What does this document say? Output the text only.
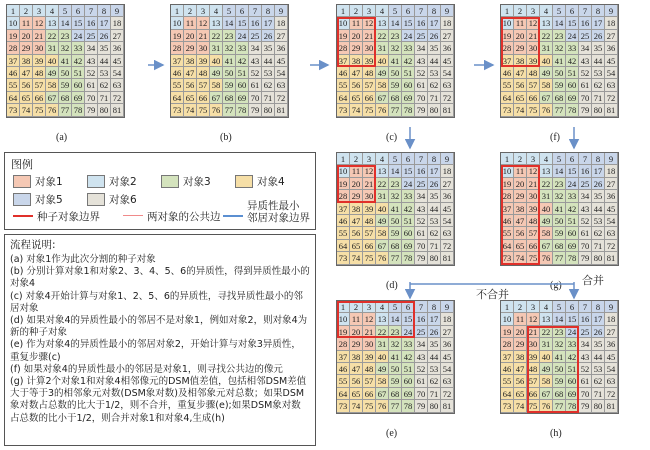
1	2	3	4	5	6	7	8	9
10 11 12 13 14 15 16 17 18
19 20 21 22 23 24 25 26 27
28 29 30 31 32 33 34 35 36
37 38 39 40 41 42 43 44 45
46 47 48 49 50 51 52 53 54
55 56 57 58 59 60 61 62 63
64 65 66 67 68 69 70 71 72
73 74 75 76 77 78 79 80 81
(a)
1	2	3	4	5	6	7	8	9
10 11 12 13 14 15 16 17 18
19 20 21 22 23 24 25 26 27
28 29 30 31 32 33 34 35 36
37 38 39 40 41 42 43 44 45
46 47 48 49 50 51 52 53 54
55 56 57 58 59 60 61 62 63
64 65 66 67 68 69 70 71 72
73 74 75 76 77 78 79 80 81
(b)
1	2	3	4	5	6	7	8	9
10 11 12 13 14 15 16 17 18
19 20 21 22 23 24 25 26 27
28 29 30 31 32 33 34 35 36
37 38 39 40 41 42 43 44 45
46 47 48 49 50 51 52 53 54
55 56 57 58 59 60 61 62 63
64 65 66 67 68 69 70 71 72
73 74 75 76 77 78 79 80 81
(c)
1	2	3	4	5	6	7	8	9
10 11 12 13 14 15 16 17 18
19 20 21 22 23 24 25 26 27
28 29 30 31 32 33 34 35 36
37 38 39 40 41 42 43 44 45
46 47 48 49 50 51 52 53 54
55 56 57 58 59 60 61 62 63
64 65 66 67 68 69 70 71 72
73 74 75 76 77 78 79 80 81
(f)
1	2	3	4	5	6	7	8	9
10 11 12 13 14 15 16 17 18
19 20 21 22 23 24 25 26 27
28 29 30 31 32 33 34 35 36
37 38 39 40 41 42 43 44 45
46 47 48 49 50 51 52 53 54
55 56 57 58 59 60 61 62 63
64 65 66 67 68 69 70 71 72
73 74 75 76 77 78 79 80 81
(d)
1	2	3	4	5	6	7	8	9
10 11 12 13 14 15 16 17 18
19 20 21 22 23 24 25 26 27
28 29 30 31 32 33 34 35 36
37 38 39 40 41 42 43 44 45
46 47 48 49 50 51 52 53 54
55 56 57 58 59 60 61 62 63
64 65 66 67 68 69 70 71 72
73 74 75 76 77 78 79 80 81
(g)
1	2	3	4	5	6	7	8	9
10 11 12 13 14 15 16 17 18
19 20 21 22 23 24 25 26 27
28 29 30 31 32 33 34 35 36
37 38 39 40 41 42 43 44 45
46 47 48 49 50 51 52 53 54
55 56 57 58 59 60 61 62 63
64 65 66 67 68 69 70 71 72
73 74 75 76 77 78 79 80 81
(e)
1	2	3	4	5	6	7	8	9
10 11 12 13 14 15 16 17 18
19 20 21 22 23 24 25 26 27
28 29 30 31 32 33 34 35 36
37 38 39 40 41 42 43 44 45
46 47 48 49 50 51 52 53 54
55 56 57 58 59 60 61 62 63
64 65 66 67 68 69 70 71 72
73 74 75 76 77 78 79 80 81
(h)
不合并
合并
图例
对象1	对象2	对象3	对象4
对象5	对象6
种子对象边界	两对象的公共边
异质性最小
邻居对象边界
流程说明:
(a) 对象1作为此次分割的种子对象
(b) 分别计算对象1和对象2、3、4、5、6的异质性，得到异质性最小的对象4
(c) 对象4开始计算与对象1、2、5、6的异质性，寻找异质性最小的邻居对象
(d) 如果对象4的异质性最小的邻居不是对象1，例如对象2，则对象4为新的种子对象
(e) 作为对象4的异质性最小的邻居对象2，开始计算与对象3异质性，重复步骤(c)
(f) 如果对象4的异质性最小的邻居是对象1，则寻找公共边的像元
(g) 计算2个对象1和对象4相邻像元的DSM值差值，包括相邻DSM差值大于等于3的相邻象元对数(DSM象对数)及相邻象元对总数；如果DSM象对数占总数的比大于1/2，则不合并，重复步骤(e);如果DSM象对数占总数的比小于1/2，则合并对象1和对象4,生成(h)
